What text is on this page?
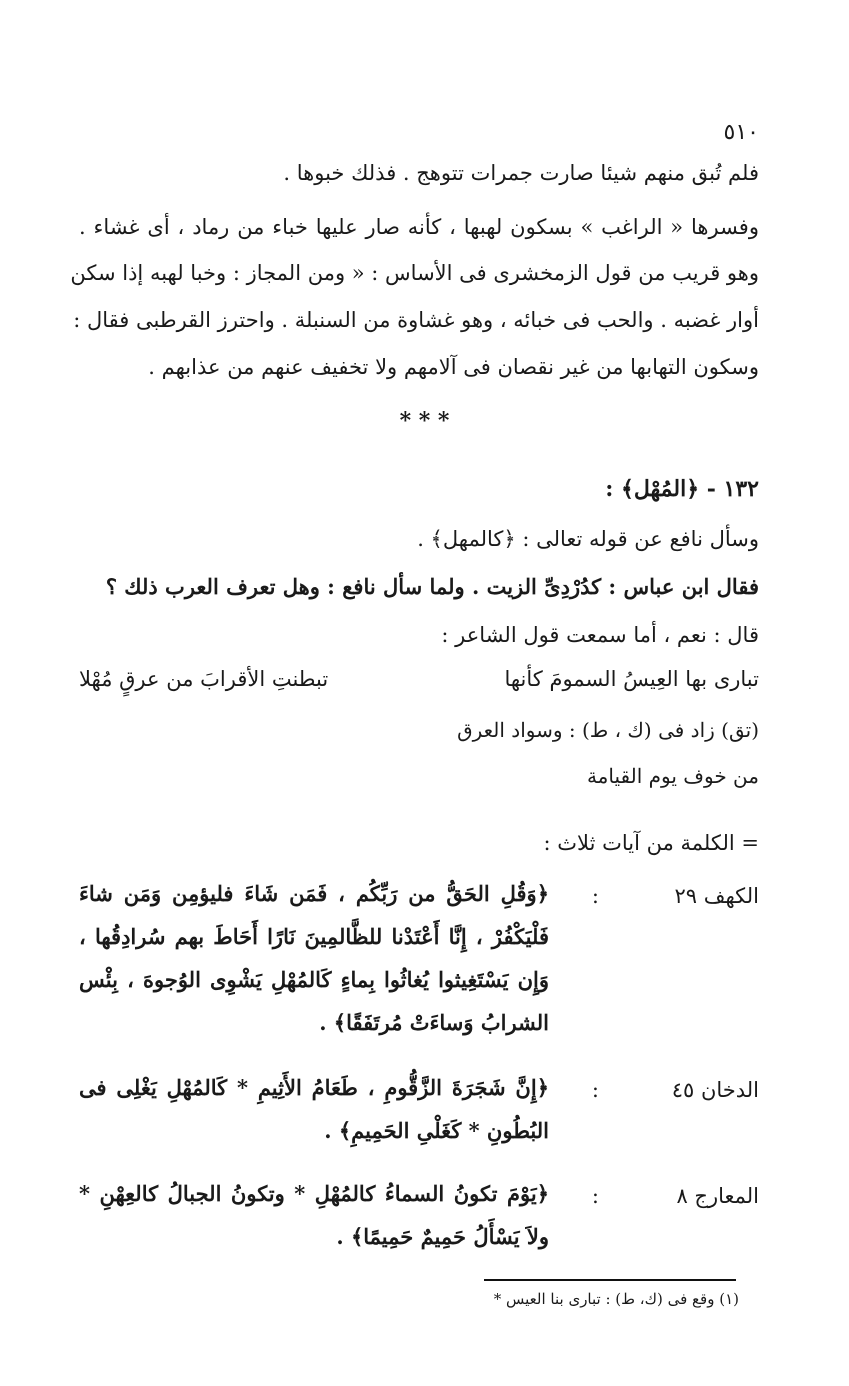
٥١٠
فلم تُبق منهم شيئا صارت جمرات تتوهج . فذلك خبوها .
وفسرها « الراغب » بسكون لهبها ، كأنه صار عليها خباء من رماد ، أى غشاء .
وهو قريب من قول الزمخشرى فى الأساس : « ومن المجاز : وخبا لهبه إذا سكن
أوار غضبه . والحب فى خبائه ، وهو غشاوة من السنبلة . واحترز القرطبى فقال :
وسكون التهابها من غير نقصان فى آلامهم ولا تخفيف عنهم من عذابهم .
* * *
١٣٢ - ﴿المُهْل﴾ :
وسأل نافع عن قوله تعالى : ﴿كالمهل﴾ .
فقال ابن عباس : كدُرْدِىِّ الزيت . ولما سأل نافع : وهل تعرف العرب ذلك ؟
قال : نعم ، أما سمعت قول الشاعر :
تبارى بها العِيسُ السمومَ كأنها
تبطنتِ الأقرابَ من عرقٍ مُهْلا
(تق) زاد فى (ك ، ط) : وسواد العرق
من خوف يوم القيامة
= الكلمة من آيات ثلاث :
الكهف ٢٩
:
﴿وَقُلِ الحَقُّ من رَبِّكُم ، فَمَن شَاءَ فليؤمِن وَمَن شاءَ فَلْيَكْفُرْ ، إِنَّا أَعْتَدْنا للظَّالمِينَ نَارًا أَحَاطَ بهم سُرادِقُها ، وَإِن يَسْتَغِيثوا يُغاثُوا بِماءٍ كَالمُهْلِ يَشْوِى الوُجوهَ ، بِئْس الشرابُ وَساءَتْ مُرتَفَقًا﴾ .
الدخان ٤٥
:
﴿إِنَّ شَجَرَةَ الزَّقُّومِ ، طَعَامُ الأَثِيمِ * كَالمُهْلِ يَغْلِى فى البُطُونِ * كَغَلْىِ الحَمِيمِ﴾ .
المعارج ٨
:
﴿يَوْمَ تكونُ السماءُ كالمُهْلِ * وتكونُ الجبالُ كالعِهْنِ * ولاَ يَسْأَلُ حَمِيمٌ حَمِيمًا﴾ .
(١) وقع فى (ك، ط) : تبارى بنا العيس *
